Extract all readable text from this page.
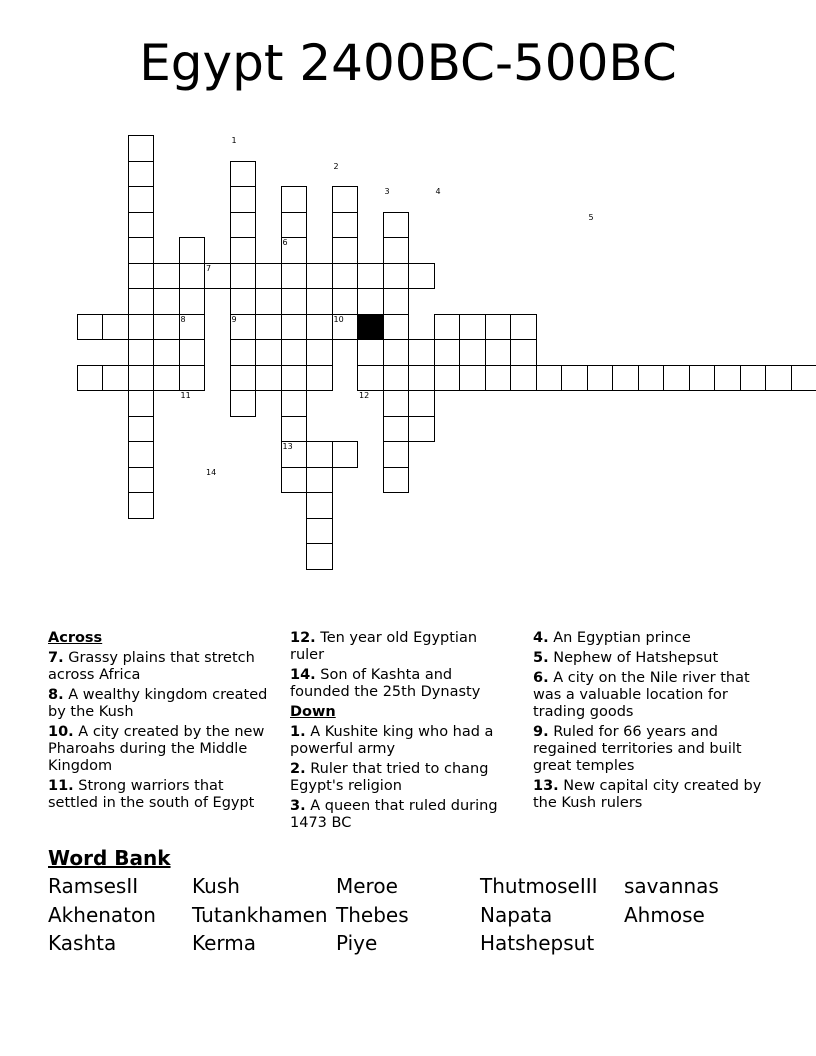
Egypt 2400BC-500BC
1
2
3	4
5
6
7
8	9	10
11	12
13
14
Across
7. Grassy plains that stretch across Africa
8. A wealthy kingdom created by the Kush
10. A city created by the new Pharoahs during the Middle Kingdom
11. Strong warriors that settled in the south of Egypt
12. Ten year old Egyptian ruler
14. Son of Kashta and founded the 25th Dynasty
Down
1. A Kushite king who had a powerful army
2. Ruler that tried to chang Egypt's religion
3. A queen that ruled during 1473 BC
4. An Egyptian prince
5. Nephew of Hatshepsut
6. A city on the Nile river that was a valuable location for trading goods
9. Ruled for 66 years and regained territories and built great temples
13. New capital city created by the Kush rulers
Word Bank
RamsesII	Kush	Meroe	ThutmoseIII savannas
Akhenaton Tutankhamen Thebes	Napata	Ahmose
Kashta	Kerma	Piye	Hatshepsut
